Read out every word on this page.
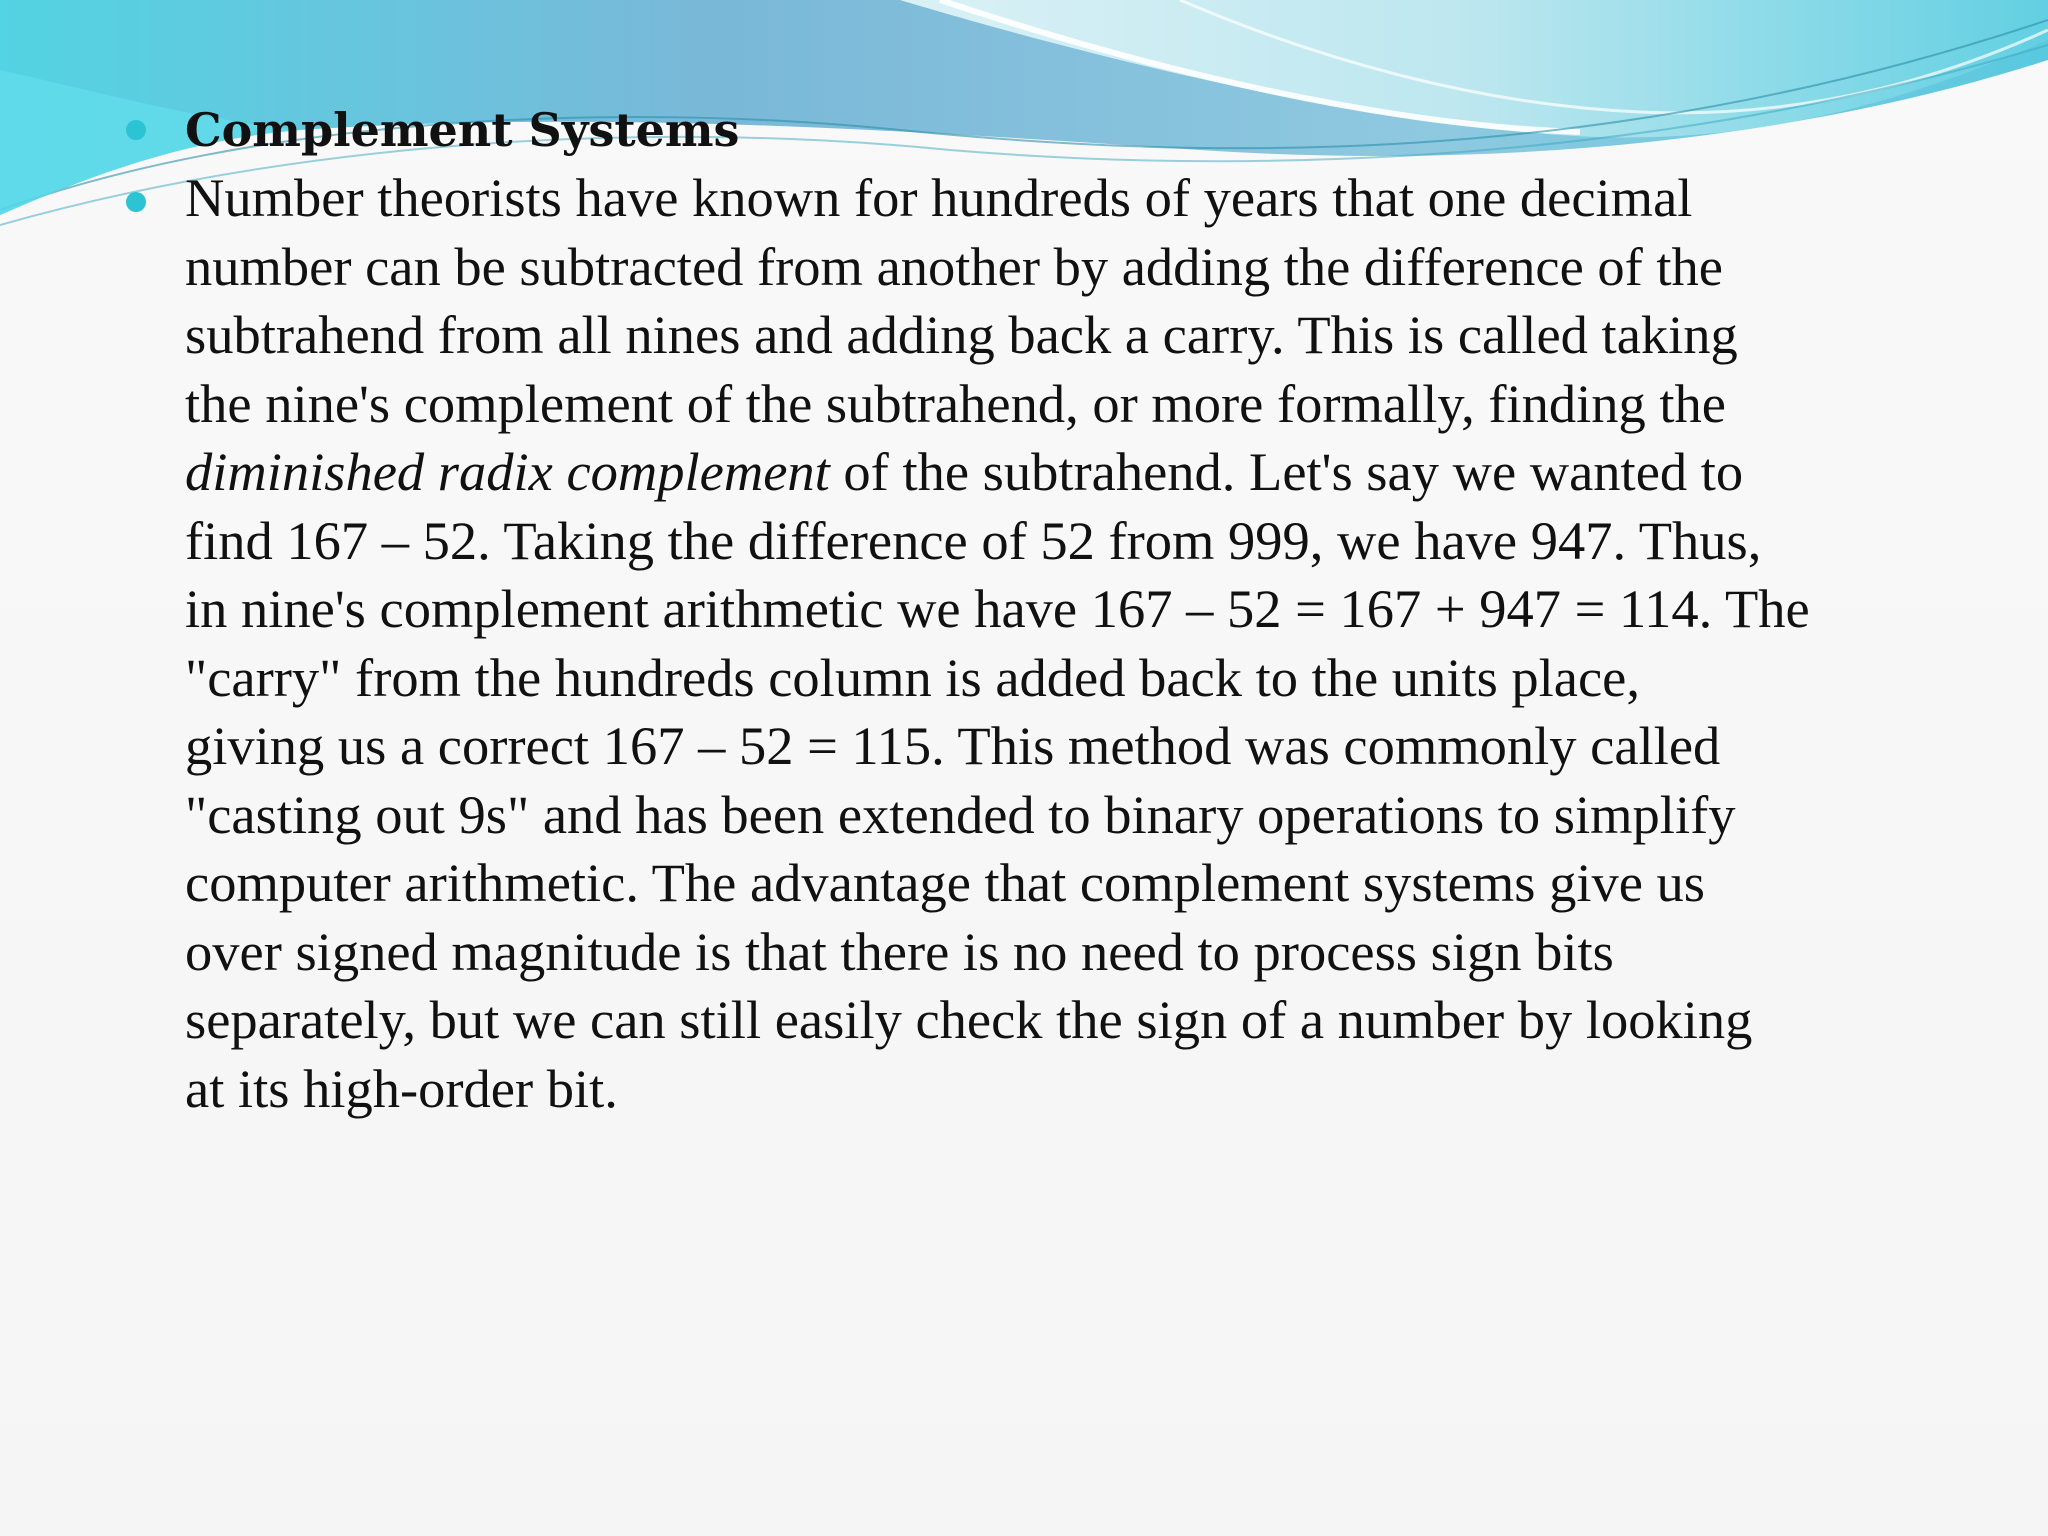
Complement Systems
Number theorists have known for hundreds of years that one decimal
number can be subtracted from another by adding the difference of the
subtrahend from all nines and adding back a carry. This is called taking
the nine's complement of the subtrahend, or more formally, finding the
diminished radix complement of the subtrahend. Let's say we wanted to
find 167 – 52. Taking the difference of 52 from 999, we have 947. Thus,
in nine's complement arithmetic we have 167 – 52 = 167 + 947 = 114. The
"carry" from the hundreds column is added back to the units place,
giving us a correct 167 – 52 = 115. This method was commonly called
"casting out 9s" and has been extended to binary operations to simplify
computer arithmetic. The advantage that complement systems give us
over signed magnitude is that there is no need to process sign bits
separately, but we can still easily check the sign of a number by looking
at its high-order bit.
